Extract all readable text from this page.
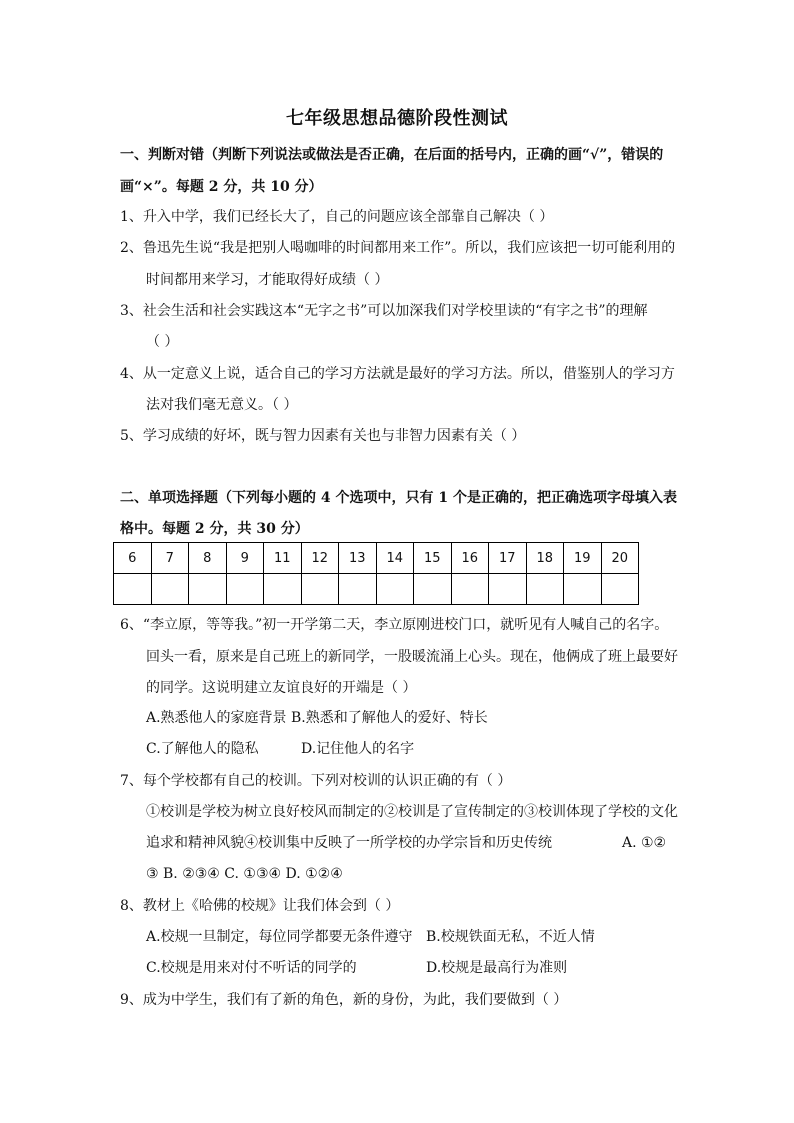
七年级思想品德阶段性测试
一、判断对错（判断下列说法或做法是否正确，在后面的括号内，正确的画“√”，错误的
画“×”。每题 2 分，共 10 分）
1、升入中学，我们已经长大了，自己的问题应该全部靠自己解决（ ）
2、鲁迅先生说“我是把别人喝咖啡的时间都用来工作”。所以，我们应该把一切可能利用的
时间都用来学习，才能取得好成绩（ ）
3、社会生活和社会实践这本“无字之书”可以加深我们对学校里读的“有字之书”的理解
（ ）
4、从一定意义上说，适合自己的学习方法就是最好的学习方法。所以，借鉴别人的学习方
法对我们毫无意义。（ ）
5、学习成绩的好坏，既与智力因素有关也与非智力因素有关（ ）
二、单项选择题（下列每小题的 4 个选项中，只有 1 个是正确的，把正确选项字母填入表
格中。每题 2 分，共 30 分）
6	7	8	9	11	12	13	14	15	16	17	18	19	20

6、“李立原，等等我。”初一开学第二天，李立原刚进校门口，就听见有人喊自己的名字。
回头一看，原来是自己班上的新同学，一股暖流涌上心头。现在，他俩成了班上最要好
的同学。这说明建立友谊良好的开端是（ ）
A.熟悉他人的家庭背景 B.熟悉和了解他人的爱好、特长
C.了解他人的隐私	D.记住他人的名字
7、每个学校都有自己的校训。下列对校训的认识正确的有（ ）
①校训是学校为树立良好校风而制定的②校训是了宣传制定的③校训体现了学校的文化
追求和精神风貌④校训集中反映了一所学校的办学宗旨和历史传统	A. ①②
③ B. ②③④ C. ①③④ D. ①②④
8、教材上《哈佛的校规》让我们体会到（ ）
A.校规一旦制定，每位同学都要无条件遵守 B.校规铁面无私，不近人情
C.校规是用来对付不听话的同学的	D.校规是最高行为准则
9、成为中学生，我们有了新的角色，新的身份，为此，我们要做到（ ）
